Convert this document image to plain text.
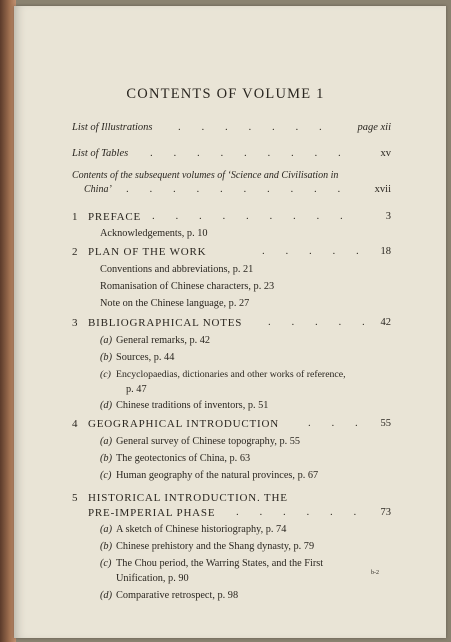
CONTENTS OF VOLUME 1
List of Illustrations	. . . . . . .	page xii
List of Tables	. . . . . . . . .	xv
Contents of the subsequent volumes of ‘Science and Civilisation in
China’	. . . . . . . . . . xvii
1 PREFACE . . . . . . . . .	3
Acknowledgements, p. 10
2 PLAN OF THE WORK	. . . . . 18
Conventions and abbreviations, p. 21
Romanisation of Chinese characters, p. 23
Note on the Chinese language, p. 27
3 BIBLIOGRAPHICAL NOTES . . . . . 42
(a) General remarks, p. 42
(b) Sources, p. 44
(c) Encyclopaedias, dictionaries and other works of reference,
p. 47
(d) Chinese traditions of inventors, p. 51
4 GEOGRAPHICAL INTRODUCTION	. . . 55
(a) General survey of Chinese topography, p. 55
(b) The geotectonics of China, p. 63
(c) Human geography of the natural provinces, p. 67
5 HISTORICAL INTRODUCTION. THE
PRE-IMPERIAL PHASE . . . . . . 73
(a) A sketch of Chinese historiography, p. 74
(b) Chinese prehistory and the Shang dynasty, p. 79
(c) The Chou period, the Warring States, and the First
Unification, p. 90
(d) Comparative retrospect, p. 98
b-2
